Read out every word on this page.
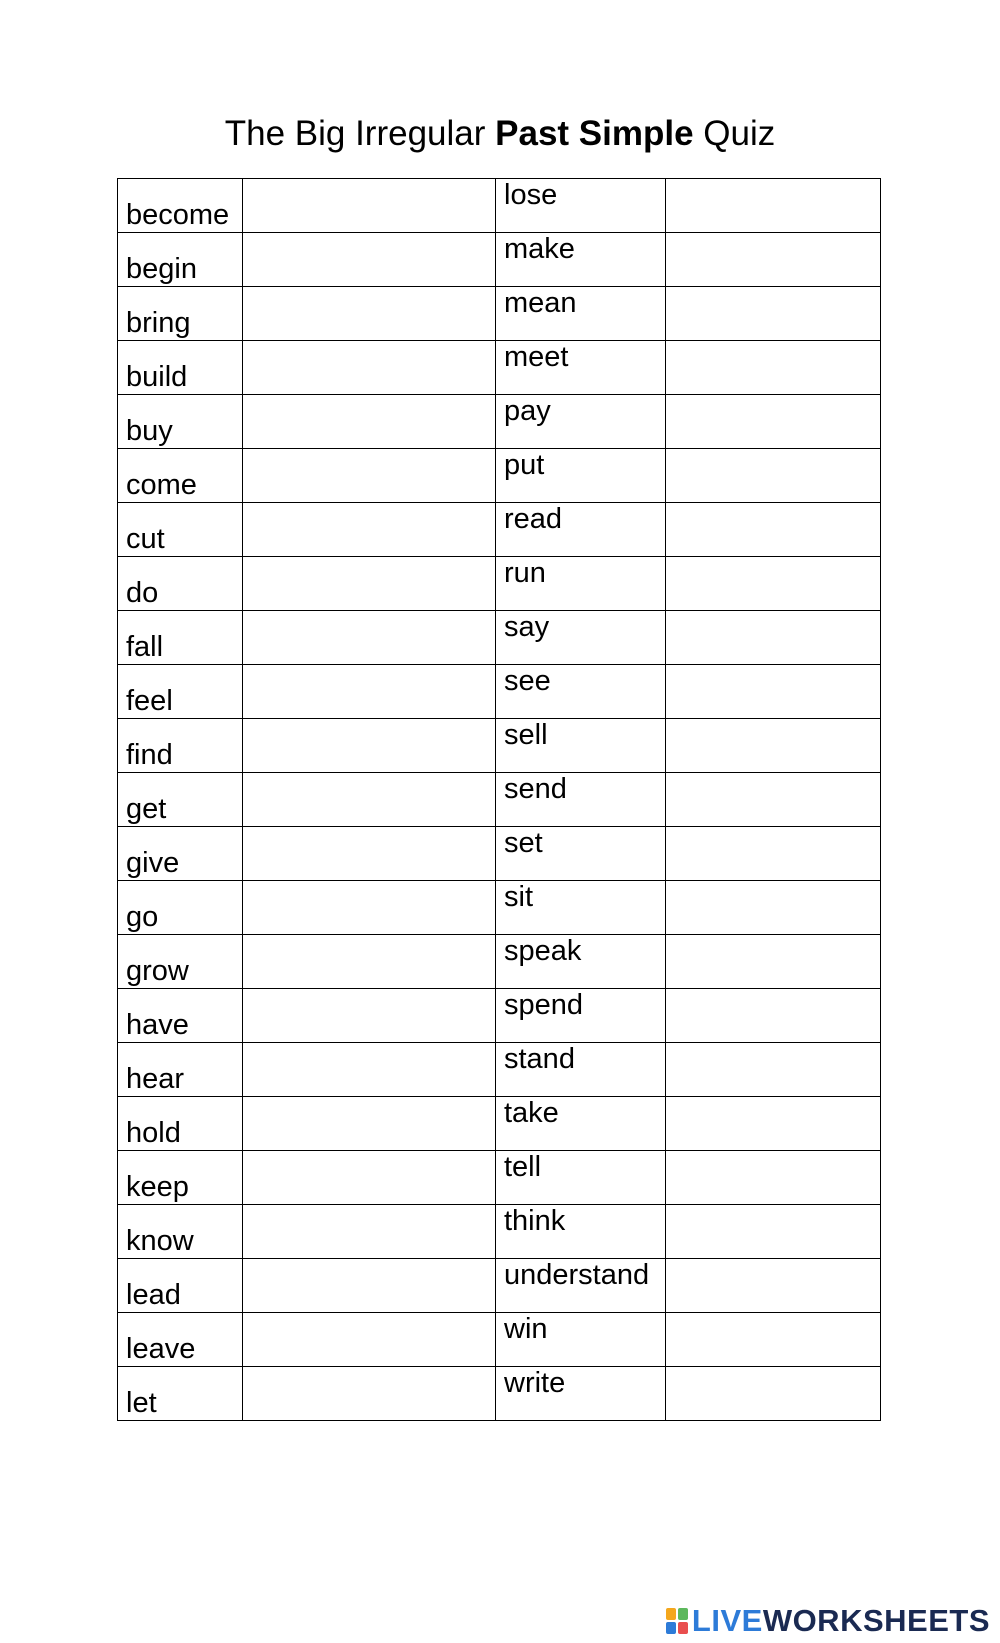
The Big Irregular Past Simple Quiz
become		lose	
begin		make	
bring		mean	
build		meet	
buy		pay	
come		put	
cut		read	
do		run	
fall		say	
feel		see	
find		sell	
get		send	
give		set	
go		sit	
grow		speak	
have		spend	
hear		stand	
hold		take	
keep		tell	
know		think	
lead		understand	
leave		win	
let		write	
LIVE WORKSHEETS
